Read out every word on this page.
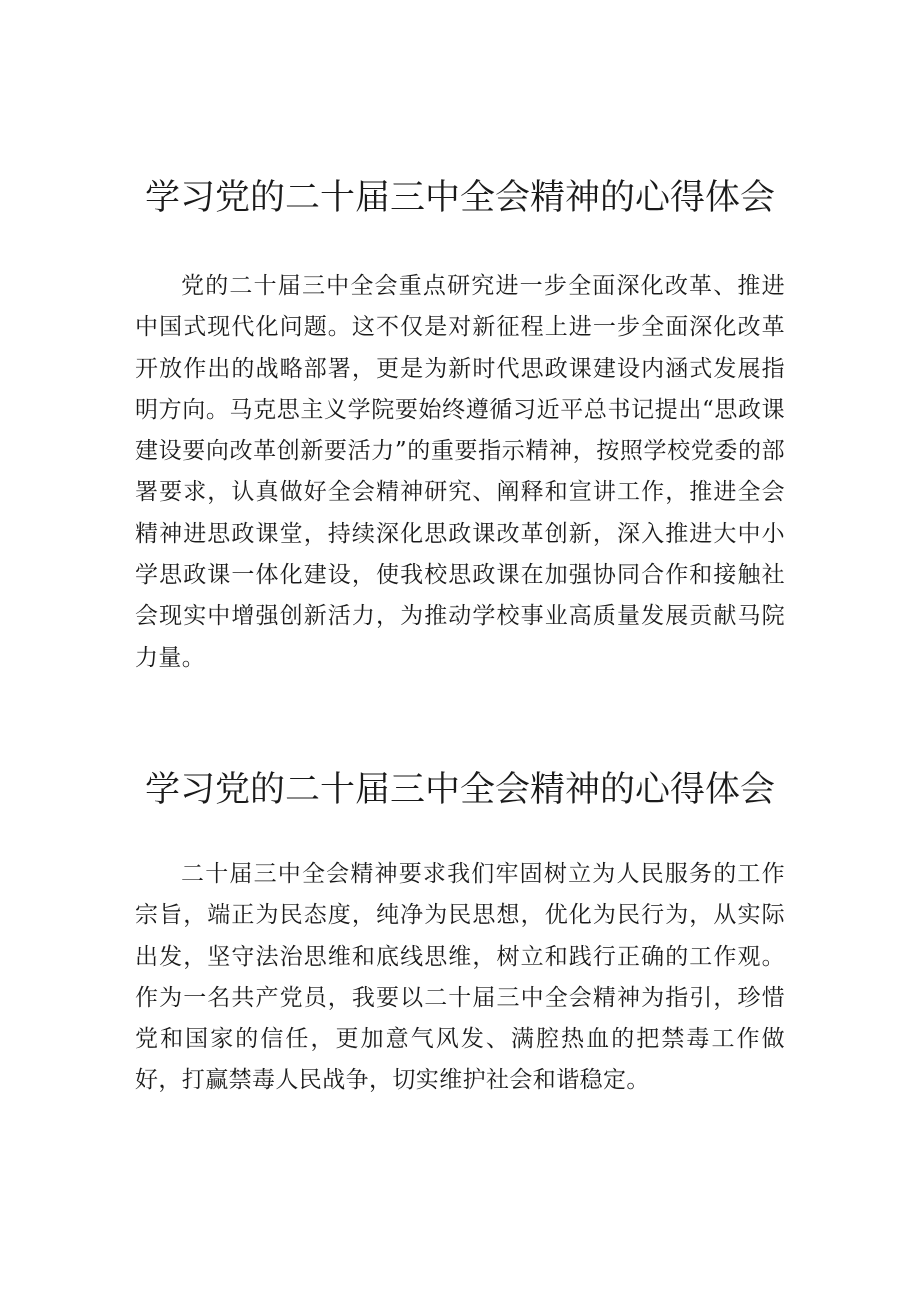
学习党的二十届三中全会精神的心得体会

党的二十届三中全会重点研究进一步全面深化改革、推进中国式现代化问题。这不仅是对新征程上进一步全面深化改革开放作出的战略部署，更是为新时代思政课建设内涵式发展指明方向。马克思主义学院要始终遵循习近平总书记提出“思政课建设要向改革创新要活力”的重要指示精神，按照学校党委的部署要求，认真做好全会精神研究、阐释和宣讲工作，推进全会精神进思政课堂，持续深化思政课改革创新，深入推进大中小学思政课一体化建设，使我校思政课在加强协同合作和接触社会现实中增强创新活力，为推动学校事业高质量发展贡献马院力量。

学习党的二十届三中全会精神的心得体会

二十届三中全会精神要求我们牢固树立为人民服务的工作宗旨，端正为民态度，纯净为民思想，优化为民行为，从实际出发，坚守法治思维和底线思维，树立和践行正确的工作观。作为一名共产党员，我要以二十届三中全会精神为指引，珍惜党和国家的信任，更加意气风发、满腔热血的把禁毒工作做好，打赢禁毒人民战争，切实维护社会和谐稳定。
